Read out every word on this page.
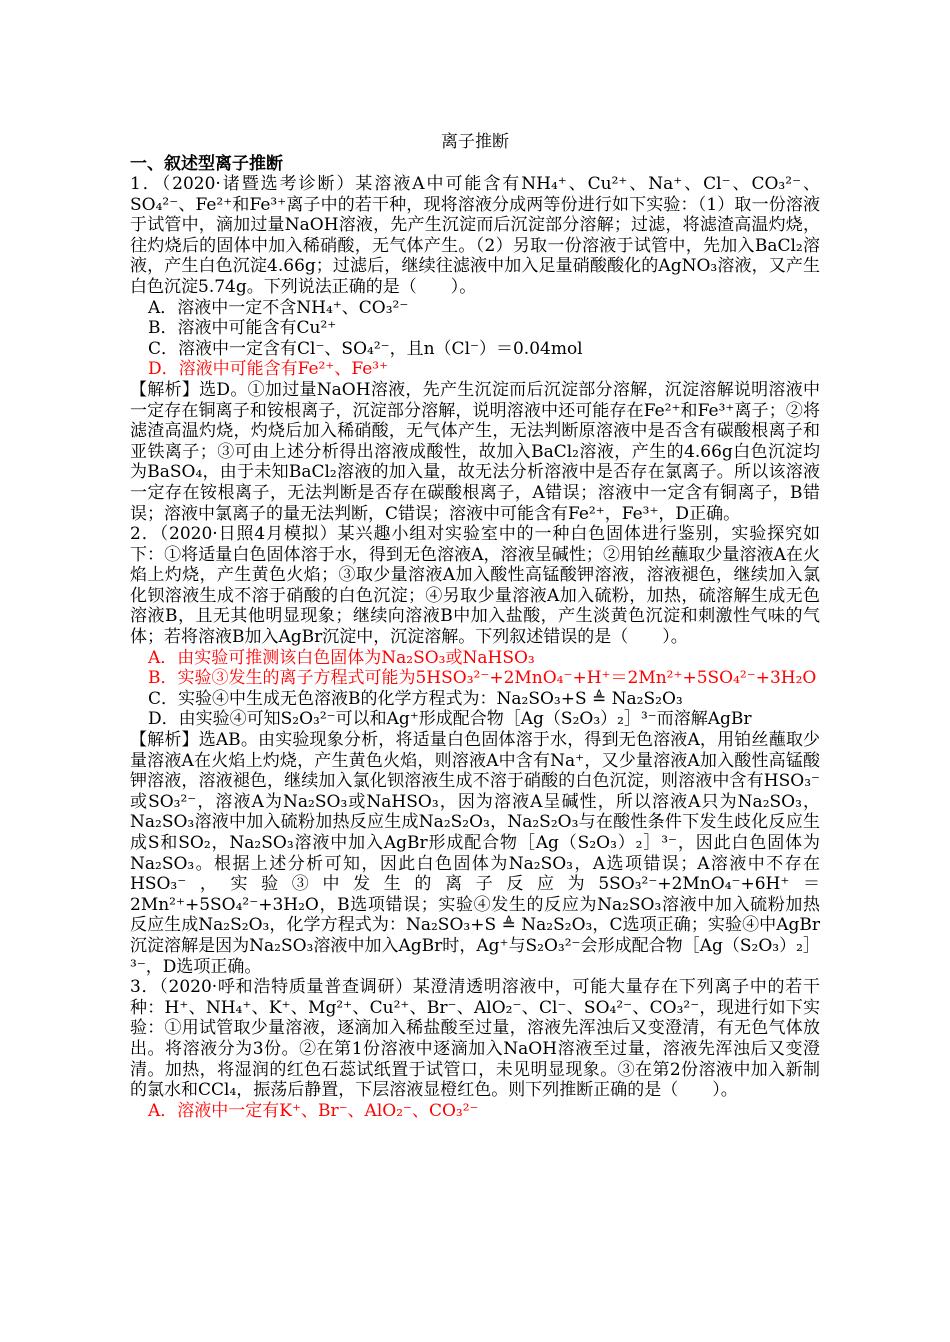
离子推断

一、叙述型离子推断

1．（2020·诸暨选考诊断）某溶液A中可能含有NH₄⁺、Cu²⁺、Na⁺、Cl⁻、CO₃²⁻、SO₄²⁻、Fe²⁺和Fe³⁺离子中的若干种，现将溶液分成两等份进行如下实验：（1）取一份溶液于试管中，滴加过量NaOH溶液，先产生沉淀而后沉淀部分溶解；过滤，将滤渣高温灼烧，往灼烧后的固体中加入稀硝酸，无气体产生。（2）另取一份溶液于试管中，先加入BaCl₂溶液，产生白色沉淀4.66g；过滤后，继续往滤液中加入足量硝酸酸化的AgNO₃溶液，又产生白色沉淀5.74g。下列说法正确的是（　　）。

A．溶液中一定不含NH₄⁺、CO₃²⁻

B．溶液中可能含有Cu²⁺

C．溶液中一定含有Cl⁻、SO₄²⁻，且n（Cl⁻）＝0.04mol

D．溶液中可能含有Fe²⁺、Fe³⁺

【解析】选D。①加过量NaOH溶液，先产生沉淀而后沉淀部分溶解，沉淀溶解说明溶液中一定存在铜离子和铵根离子，沉淀部分溶解，说明溶液中还可能存在Fe²⁺和Fe³⁺离子；②将滤渣高温灼烧，灼烧后加入稀硝酸，无气体产生，无法判断原溶液中是否含有碳酸根离子和亚铁离子；③可由上述分析得出溶液成酸性，故加入BaCl₂溶液，产生的4.66g白色沉淀均为BaSO₄，由于未知BaCl₂溶液的加入量，故无法分析溶液中是否存在氯离子。所以该溶液一定存在铵根离子，无法判断是否存在碳酸根离子，A错误；溶液中一定含有铜离子，B错误；溶液中氯离子的量无法判断，C错误；溶液中可能含有Fe²⁺，Fe³⁺，D正确。

2．（2020·日照4月模拟）某兴趣小组对实验室中的一种白色固体进行鉴别，实验探究如下：①将适量白色固体溶于水，得到无色溶液A，溶液呈碱性；②用铂丝蘸取少量溶液A在火焰上灼烧，产生黄色火焰；③取少量溶液A加入酸性高锰酸钾溶液，溶液褪色，继续加入氯化钡溶液生成不溶于硝酸的白色沉淀；④另取少量溶液A加入硫粉，加热，硫溶解生成无色溶液B，且无其他明显现象；继续向溶液B中加入盐酸，产生淡黄色沉淀和刺激性气味的气体；若将溶液B加入AgBr沉淀中，沉淀溶解。下列叙述错误的是（　　）。

A．由实验可推测该白色固体为Na₂SO₃或NaHSO₃

B．实验③发生的离子方程式可能为5HSO₃²⁻+2MnO₄⁻+H⁺＝2Mn²⁺+5SO₄²⁻+3H₂O

C．实验④中生成无色溶液B的化学方程式为：Na₂SO₃+S ≜ Na₂S₂O₃

D．由实验④可知S₂O₃²⁻可以和Ag⁺形成配合物［Ag（S₂O₃）₂］³⁻而溶解AgBr

【解析】选AB。由实验现象分析，将适量白色固体溶于水，得到无色溶液A，用铂丝蘸取少量溶液A在火焰上灼烧，产生黄色火焰，则溶液A中含有Na⁺，又少量溶液A加入酸性高锰酸钾溶液，溶液褪色，继续加入氯化钡溶液生成不溶于硝酸的白色沉淀，则溶液中含有HSO₃⁻或SO₃²⁻，溶液A为Na₂SO₃或NaHSO₃，因为溶液A呈碱性，所以溶液A只为Na₂SO₃，Na₂SO₃溶液中加入硫粉加热反应生成Na₂S₂O₃，Na₂S₂O₃与在酸性条件下发生歧化反应生成S和SO₂，Na₂SO₃溶液中加入AgBr形成配合物［Ag（S₂O₃）₂］³⁻，因此白色固体为Na₂SO₃。根据上述分析可知，因此白色固体为Na₂SO₃，A选项错误；A溶液中不存在HSO₃⁻，实验③中发生的离子反应为5SO₃²⁻+2MnO₄⁻+6H⁺＝2Mn²⁺+5SO₄²⁻+3H₂O，B选项错误；实验④发生的反应为Na₂SO₃溶液中加入硫粉加热反应生成Na₂S₂O₃，化学方程式为：Na₂SO₃+S ≜ Na₂S₂O₃，C选项正确；实验④中AgBr沉淀溶解是因为Na₂SO₃溶液中加入AgBr时，Ag⁺与S₂O₃²⁻会形成配合物［Ag（S₂O₃）₂］³⁻，D选项正确。

3．（2020·呼和浩特质量普查调研）某澄清透明溶液中，可能大量存在下列离子中的若干种：H⁺、NH₄⁺、K⁺、Mg²⁺、Cu²⁺、Br⁻、AlO₂⁻、Cl⁻、SO₄²⁻、CO₃²⁻，现进行如下实验：①用试管取少量溶液，逐滴加入稀盐酸至过量，溶液先浑浊后又变澄清，有无色气体放出。将溶液分为3份。②在第1份溶液中逐滴加入NaOH溶液至过量，溶液先浑浊后又变澄清。加热，将湿润的红色石蕊试纸置于试管口，未见明显现象。③在第2份溶液中加入新制的氯水和CCl₄，振荡后静置，下层溶液显橙红色。则下列推断正确的是（　　）。

A．溶液中一定有K⁺、Br⁻、AlO₂⁻、CO₃²⁻
